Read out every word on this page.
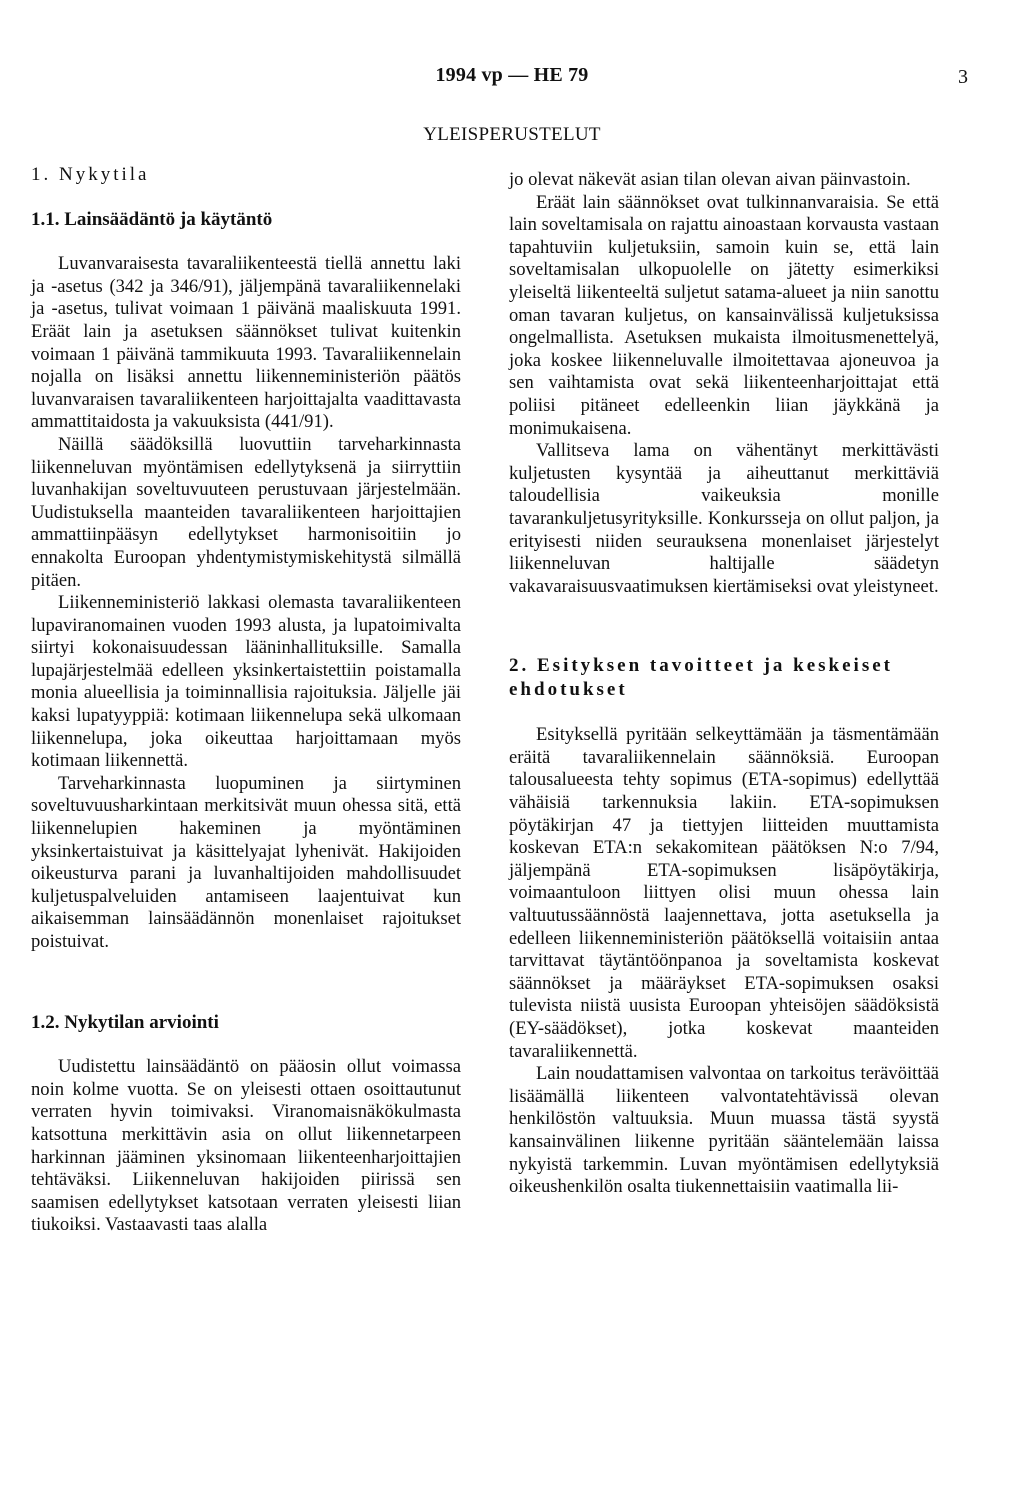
1994 vp — HE 79	3
YLEISPERUSTELUT
1. Nykytila
1.1. Lainsäädäntö ja käytäntö

Luvanvaraisesta tavaraliikenteestä tiellä annettu laki ja -asetus (342 ja 346/91), jäljempänä tavaraliikennelaki ja -asetus, tulivat voimaan 1 päivänä maaliskuuta 1991. Eräät lain ja asetuksen säännökset tulivat kuitenkin voimaan 1 päivänä tammikuuta 1993. Tavaraliikennelain nojalla on lisäksi annettu liikenneministeriön päätös luvanvaraisen tavaraliikenteen harjoittajalta vaadittavasta ammattitaidosta ja vakuuksista (441/91).

Näillä säädöksillä luovuttiin tarveharkinnasta liikenneluvan myöntämisen edellytyksenä ja siirryttiin luvanhakijan soveltuvuuteen perustuvaan järjestelmään. Uudistuksella maanteiden tavaraliikenteen harjoittajien ammattiinpääsyn edellytykset harmonisoitiin jo ennakolta Euroopan yhdentymistymiskehitystä silmällä pitäen.

Liikenneministeriö lakkasi olemasta tavaraliikenteen lupaviranomainen vuoden 1993 alusta, ja lupatoimivalta siirtyi kokonaisuudessan lääninhallituksille. Samalla lupajärjestelmää edelleen yksinkertaistettiin poistamalla monia alueellisia ja toiminnallisia rajoituksia. Jäljelle jäi kaksi lupatyyppiä: kotimaan liikennelupa sekä ulkomaan liikennelupa, joka oikeuttaa harjoittamaan myös kotimaan liikennettä.

Tarveharkinnasta luopuminen ja siirtyminen soveltuvuusharkintaan merkitsivät muun ohessa sitä, että liikennelupien hakeminen ja myöntäminen yksinkertaistuivat ja käsittelyajat lyhenivät. Hakijoiden oikeusturva parani ja luvanhaltijoiden mahdollisuudet kuljetuspalveluiden antamiseen laajentuivat kun aikaisemman lainsäädännön monenlaiset rajoitukset poistuivat.

1.2. Nykytilan arviointi

Uudistettu lainsäädäntö on pääosin ollut voimassa noin kolme vuotta. Se on yleisesti ottaen osoittautunut verraten hyvin toimivaksi. Viranomaisnäkökulmasta katsottuna merkittävin asia on ollut liikennetarpeen harkinnan jääminen yksinomaan liikenteenharjoittajien tehtäväksi. Liikenneluvan hakijoiden piirissä sen saamisen edellytykset katsotaan verraten yleisesti liian tiukoiksi. Vastaavasti taas alalla

jo olevat näkevät asian tilan olevan aivan päinvastoin.

Eräät lain säännökset ovat tulkinnanvaraisia. Se että lain soveltamisala on rajattu ainoastaan korvausta vastaan tapahtuviin kuljetuksiin, samoin kuin se, että lain soveltamisalan ulkopuolelle on jätetty esimerkiksi yleiseltä liikenteeltä suljetut satama-alueet ja niin sanottu oman tavaran kuljetus, on kansainvälissä kuljetuksissa ongelmallista. Asetuksen mukaista ilmoitusmenettelyä, joka koskee liikenneluvalle ilmoitettavaa ajoneuvoa ja sen vaihtamista ovat sekä liikenteenharjoittajat että poliisi pitäneet edelleenkin liian jäykkänä ja monimukaisena.

Vallitseva lama on vähentänyt merkittävästi kuljetusten kysyntää ja aiheuttanut merkittäviä taloudellisia vaikeuksia monille tavarankuljetusyrityksille. Konkursseja on ollut paljon, ja erityisesti niiden seurauksena monenlaiset järjestelyt liikenneluvan haltijalle säädetyn vakavaraisuusvaatimuksen kiertämiseksi ovat yleistyneet.

2. Esityksen tavoitteet ja keskeiset ehdotukset

Esityksellä pyritään selkeyttämään ja täsmentämään eräitä tavaraliikennelain säännöksiä. Euroopan talousalueesta tehty sopimus (ETA-sopimus) edellyttää vähäisiä tarkennuksia lakiin. ETA-sopimuksen pöytäkirjan 47 ja tiettyjen liitteiden muuttamista koskevan ETA:n sekakomitean päätöksen N:o 7/94, jäljempänä ETA-sopimuksen lisäpöytäkirja, voimaantuloon liittyen olisi muun ohessa lain valtuutussäännöstä laajennettava, jotta asetuksella ja edelleen liikenneministeriön päätöksellä voitaisiin antaa tarvittavat täytäntöönpanoa ja soveltamista koskevat säännökset ja määräykset ETA-sopimuksen osaksi tulevista niistä uusista Euroopan yhteisöjen säädöksistä (EY-säädökset), jotka koskevat maanteiden tavaraliikennettä.

Lain noudattamisen valvontaa on tarkoitus terävöittää lisäämällä liikenteen valvontatehtävissä olevan henkilöstön valtuuksia. Muun muassa tästä syystä kansainvälinen liikenne pyritään sääntelemään laissa nykyistä tarkemmin. Luvan myöntämisen edellytyksiä oikeushenkilön osalta tiukennettaisiin vaatimalla lii-
